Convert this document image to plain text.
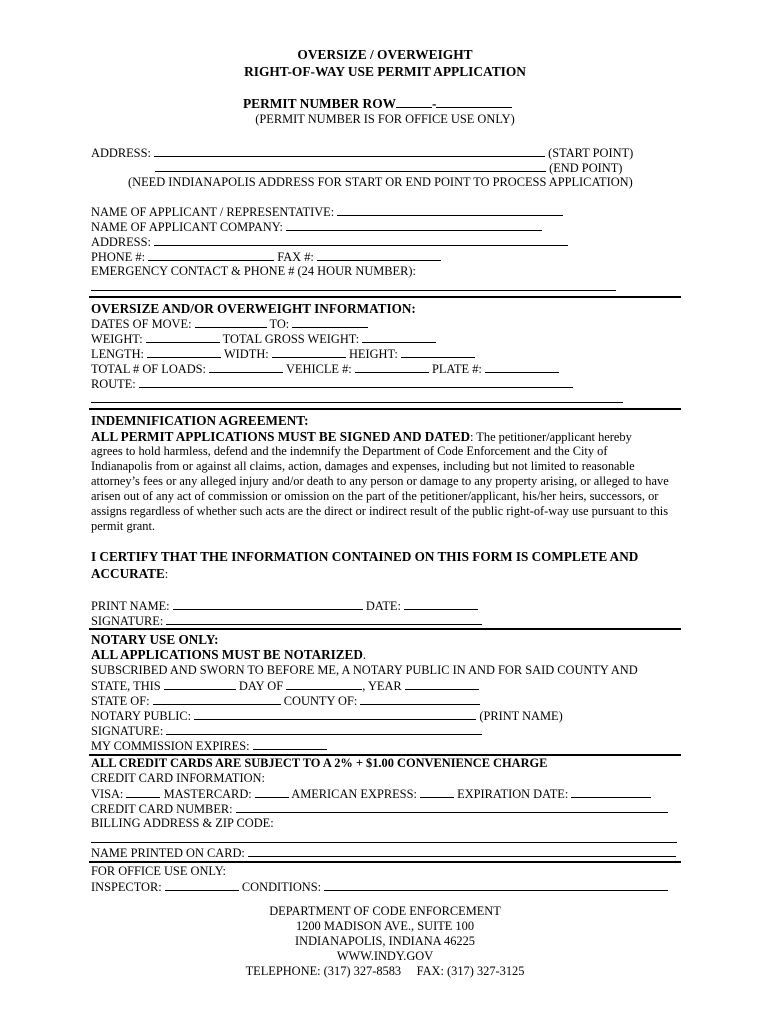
OVERSIZE / OVERWEIGHT
RIGHT-OF-WAY USE PERMIT APPLICATION
PERMIT NUMBER ROW	-
(PERMIT NUMBER IS FOR OFFICE USE ONLY)
ADDRESS:	(START POINT)
(END POINT)
(NEED INDIANAPOLIS ADDRESS FOR START OR END POINT TO PROCESS APPLICATION)
NAME OF APPLICANT / REPRESENTATIVE:
NAME OF APPLICANT COMPANY:
ADDRESS:
PHONE #:	FAX #:
EMERGENCY CONTACT & PHONE # (24 HOUR NUMBER):
OVERSIZE AND/OR OVERWEIGHT INFORMATION:
DATES OF MOVE:	TO:
WEIGHT:	TOTAL GROSS WEIGHT:
LENGTH:	WIDTH:	HEIGHT:
TOTAL # OF LOADS:	VEHICLE #:	PLATE #:
ROUTE:
INDEMNIFICATION AGREEMENT:
ALL PERMIT APPLICATIONS MUST BE SIGNED AND DATED: The petitioner/applicant hereby
agrees to hold harmless, defend and the indemnify the Department of Code Enforcement and the City of
Indianapolis from or against all claims, action, damages and expenses, including but not limited to reasonable
attorney’s fees or any alleged injury and/or death to any person or damage to any property arising, or alleged to have
arisen out of any act of commission or omission on the part of the petitioner/applicant, his/her heirs, successors, or
assigns regardless of whether such acts are the direct or indirect result of the public right-of-way use pursuant to this
permit grant.
I CERTIFY THAT THE INFORMATION CONTAINED ON THIS FORM IS COMPLETE AND
ACCURATE:
PRINT NAME:	DATE:
SIGNATURE:
NOTARY USE ONLY:
ALL APPLICATIONS MUST BE NOTARIZED.
SUBSCRIBED AND SWORN TO BEFORE ME, A NOTARY PUBLIC IN AND FOR SAID COUNTY AND
STATE, THIS	DAY OF	, YEAR
STATE OF:	COUNTY OF:
NOTARY PUBLIC:	(PRINT NAME)
SIGNATURE:
MY COMMISSION EXPIRES:
ALL CREDIT CARDS ARE SUBJECT TO A 2% + $1.00 CONVENIENCE CHARGE
CREDIT CARD INFORMATION:
VISA:	MASTERCARD:	AMERICAN EXPRESS:	EXPIRATION DATE:
CREDIT CARD NUMBER:
BILLING ADDRESS & ZIP CODE:
NAME PRINTED ON CARD:
FOR OFFICE USE ONLY:
INSPECTOR:	CONDITIONS:
DEPARTMENT OF CODE ENFORCEMENT
1200 MADISON AVE., SUITE 100
INDIANAPOLIS, INDIANA 46225
WWW.INDY.GOV
TELEPHONE: (317) 327-8583     FAX: (317) 327-3125
